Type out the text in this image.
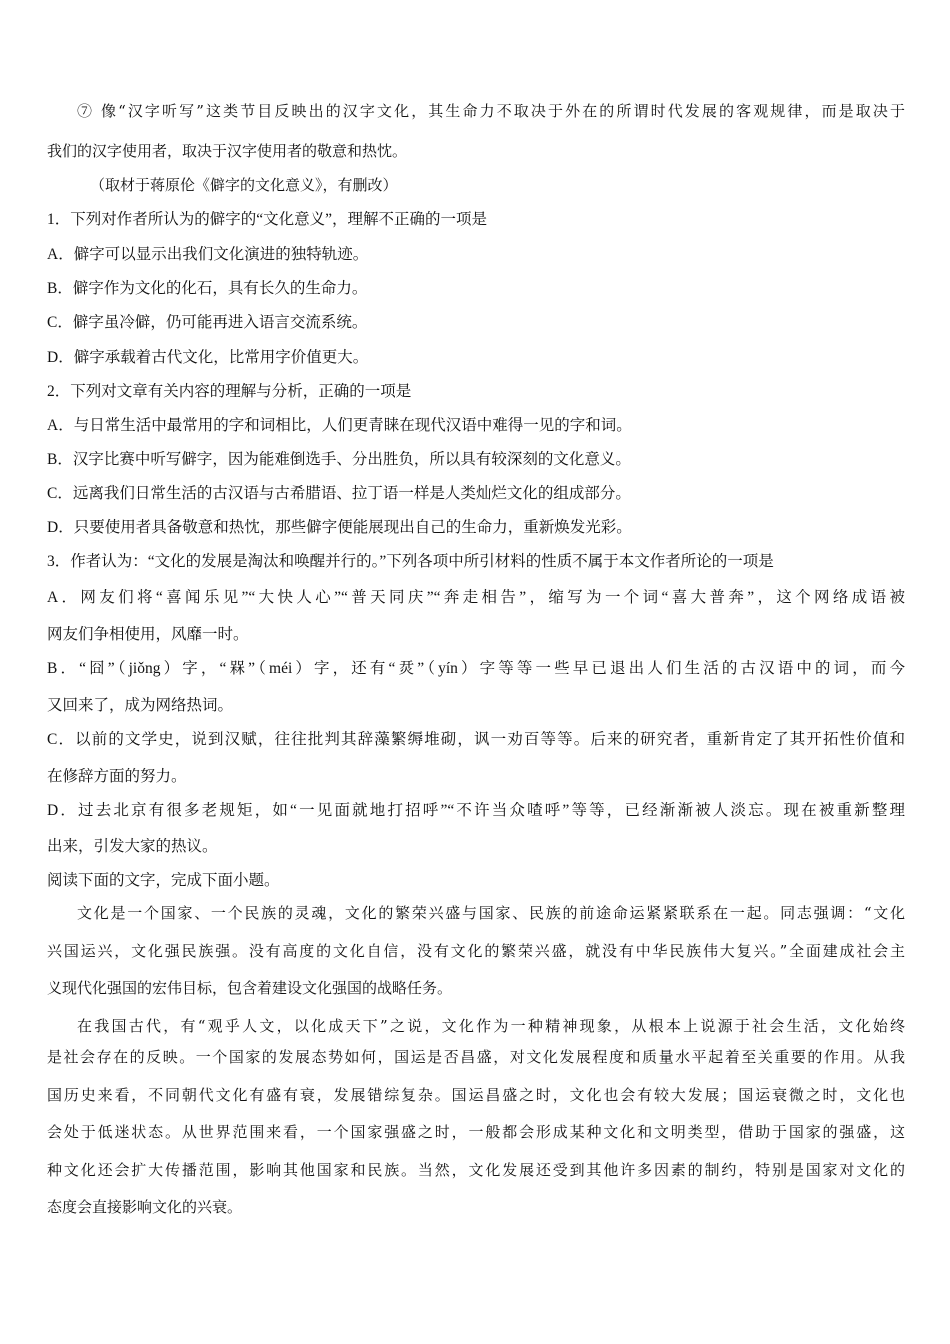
⑦ 像“汉字听写”这类节目反映出的汉字文化，其生命力不取决于外在的所谓时代发展的客观规律，而是取决于
我们的汉字使用者，取决于汉字使用者的敬意和热忱。
（取材于蒋原伦《僻字的文化意义》，有删改）
1．下列对作者所认为的僻字的“文化意义”，理解不正确的一项是
A．僻字可以显示出我们文化演进的独特轨迹。
B．僻字作为文化的化石，具有长久的生命力。
C．僻字虽冷僻，仍可能再进入语言交流系统。
D．僻字承载着古代文化，比常用字价值更大。
2．下列对文章有关内容的理解与分析，正确的一项是
A．与日常生活中最常用的字和词相比，人们更青睐在现代汉语中难得一见的字和词。
B．汉字比赛中听写僻字，因为能难倒选手、分出胜负，所以具有较深刻的文化意义。
C．远离我们日常生活的古汉语与古希腊语、拉丁语一样是人类灿烂文化的组成部分。
D．只要使用者具备敬意和热忱，那些僻字便能展现出自己的生命力，重新焕发光彩。
3．作者认为：“文化的发展是淘汰和唤醒并行的。”下列各项中所引材料的性质不属于本文作者所论的一项是
A．网友们将“喜闻乐见”“大快人心”“普天同庆”“奔走相告”，缩写为一个词“喜大普奔”，这个网络成语被
网友们争相使用，风靡一时。
B．“囧”（jiǒng）字，“槑”（méi）字，还有“烎”（yín）字等等一些早已退出人们生活的古汉语中的词，而今
又回来了，成为网络热词。
C．以前的文学史，说到汉赋，往往批判其辞藻繁缛堆砌，讽一劝百等等。后来的研究者，重新肯定了其开拓性价值和
在修辞方面的努力。
D．过去北京有很多老规矩，如“一见面就地打招呼”“不许当众喳呼”等等，已经渐渐被人淡忘。现在被重新整理
出来，引发大家的热议。
阅读下面的文字，完成下面小题。
文化是一个国家、一个民族的灵魂，文化的繁荣兴盛与国家、民族的前途命运紧紧联系在一起。同志强调：“文化
兴国运兴，文化强民族强。没有高度的文化自信，没有文化的繁荣兴盛，就没有中华民族伟大复兴。”全面建成社会主
义现代化强国的宏伟目标，包含着建设文化强国的战略任务。
在我国古代，有“观乎人文，以化成天下”之说，文化作为一种精神现象，从根本上说源于社会生活，文化始终
是社会存在的反映。一个国家的发展态势如何，国运是否昌盛，对文化发展程度和质量水平起着至关重要的作用。从我
国历史来看，不同朝代文化有盛有衰，发展错综复杂。国运昌盛之时，文化也会有较大发展；国运衰微之时，文化也
会处于低迷状态。从世界范围来看，一个国家强盛之时，一般都会形成某种文化和文明类型，借助于国家的强盛，这
种文化还会扩大传播范围，影响其他国家和民族。当然，文化发展还受到其他许多因素的制约，特别是国家对文化的
态度会直接影响文化的兴衰。
